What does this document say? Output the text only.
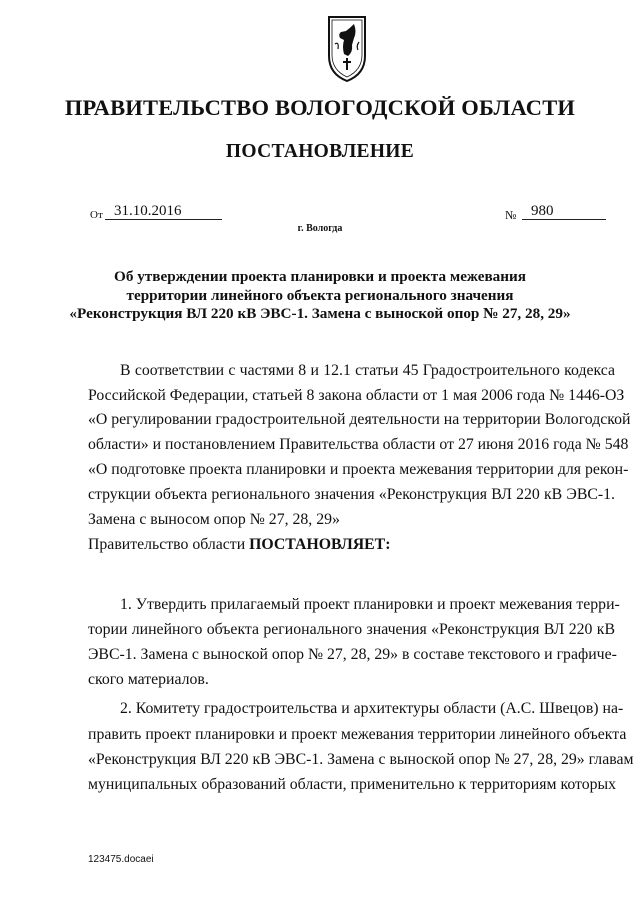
ПРАВИТЕЛЬСТВО ВОЛОГОДСКОЙ ОБЛАСТИ
ПОСТАНОВЛЕНИЕ
От 31.10.2016	№ 980
г. Вологда
Об утверждении проекта планировки и проекта межевания
территории линейного объекта регионального значения
«Реконструкция ВЛ 220 кВ ЭВС-1. Замена с выноской опор № 27, 28, 29»
В соответствии с частями 8 и 12.1 статьи 45 Градостроительного кодекса
Российской Федерации, статьей 8 закона области от 1 мая 2006 года № 1446-ОЗ
«О регулировании градостроительной деятельности на территории Вологодской
области» и постановлением Правительства области от 27 июня 2016 года № 548
«О подготовке проекта планировки и проекта межевания территории для рекон-
струкции объекта регионального значения «Реконструкция ВЛ 220 кВ ЭВС-1.
Замена с выносом опор № 27, 28, 29»
Правительство области ПОСТАНОВЛЯЕТ:
1. Утвердить прилагаемый проект планировки и проект межевания терри-
тории линейного объекта регионального значения «Реконструкция ВЛ 220 кВ
ЭВС-1. Замена с выноской опор № 27, 28, 29» в составе текстового и графиче-
ского материалов.
2. Комитету градостроительства и архитектуры области (А.С. Швецов) на-
править проект планировки и проект межевания территории линейного объекта
«Реконструкция ВЛ 220 кВ ЭВС-1. Замена с выноской опор № 27, 28, 29» главам
муниципальных образований области, применительно к территориям которых
123475.docaei
